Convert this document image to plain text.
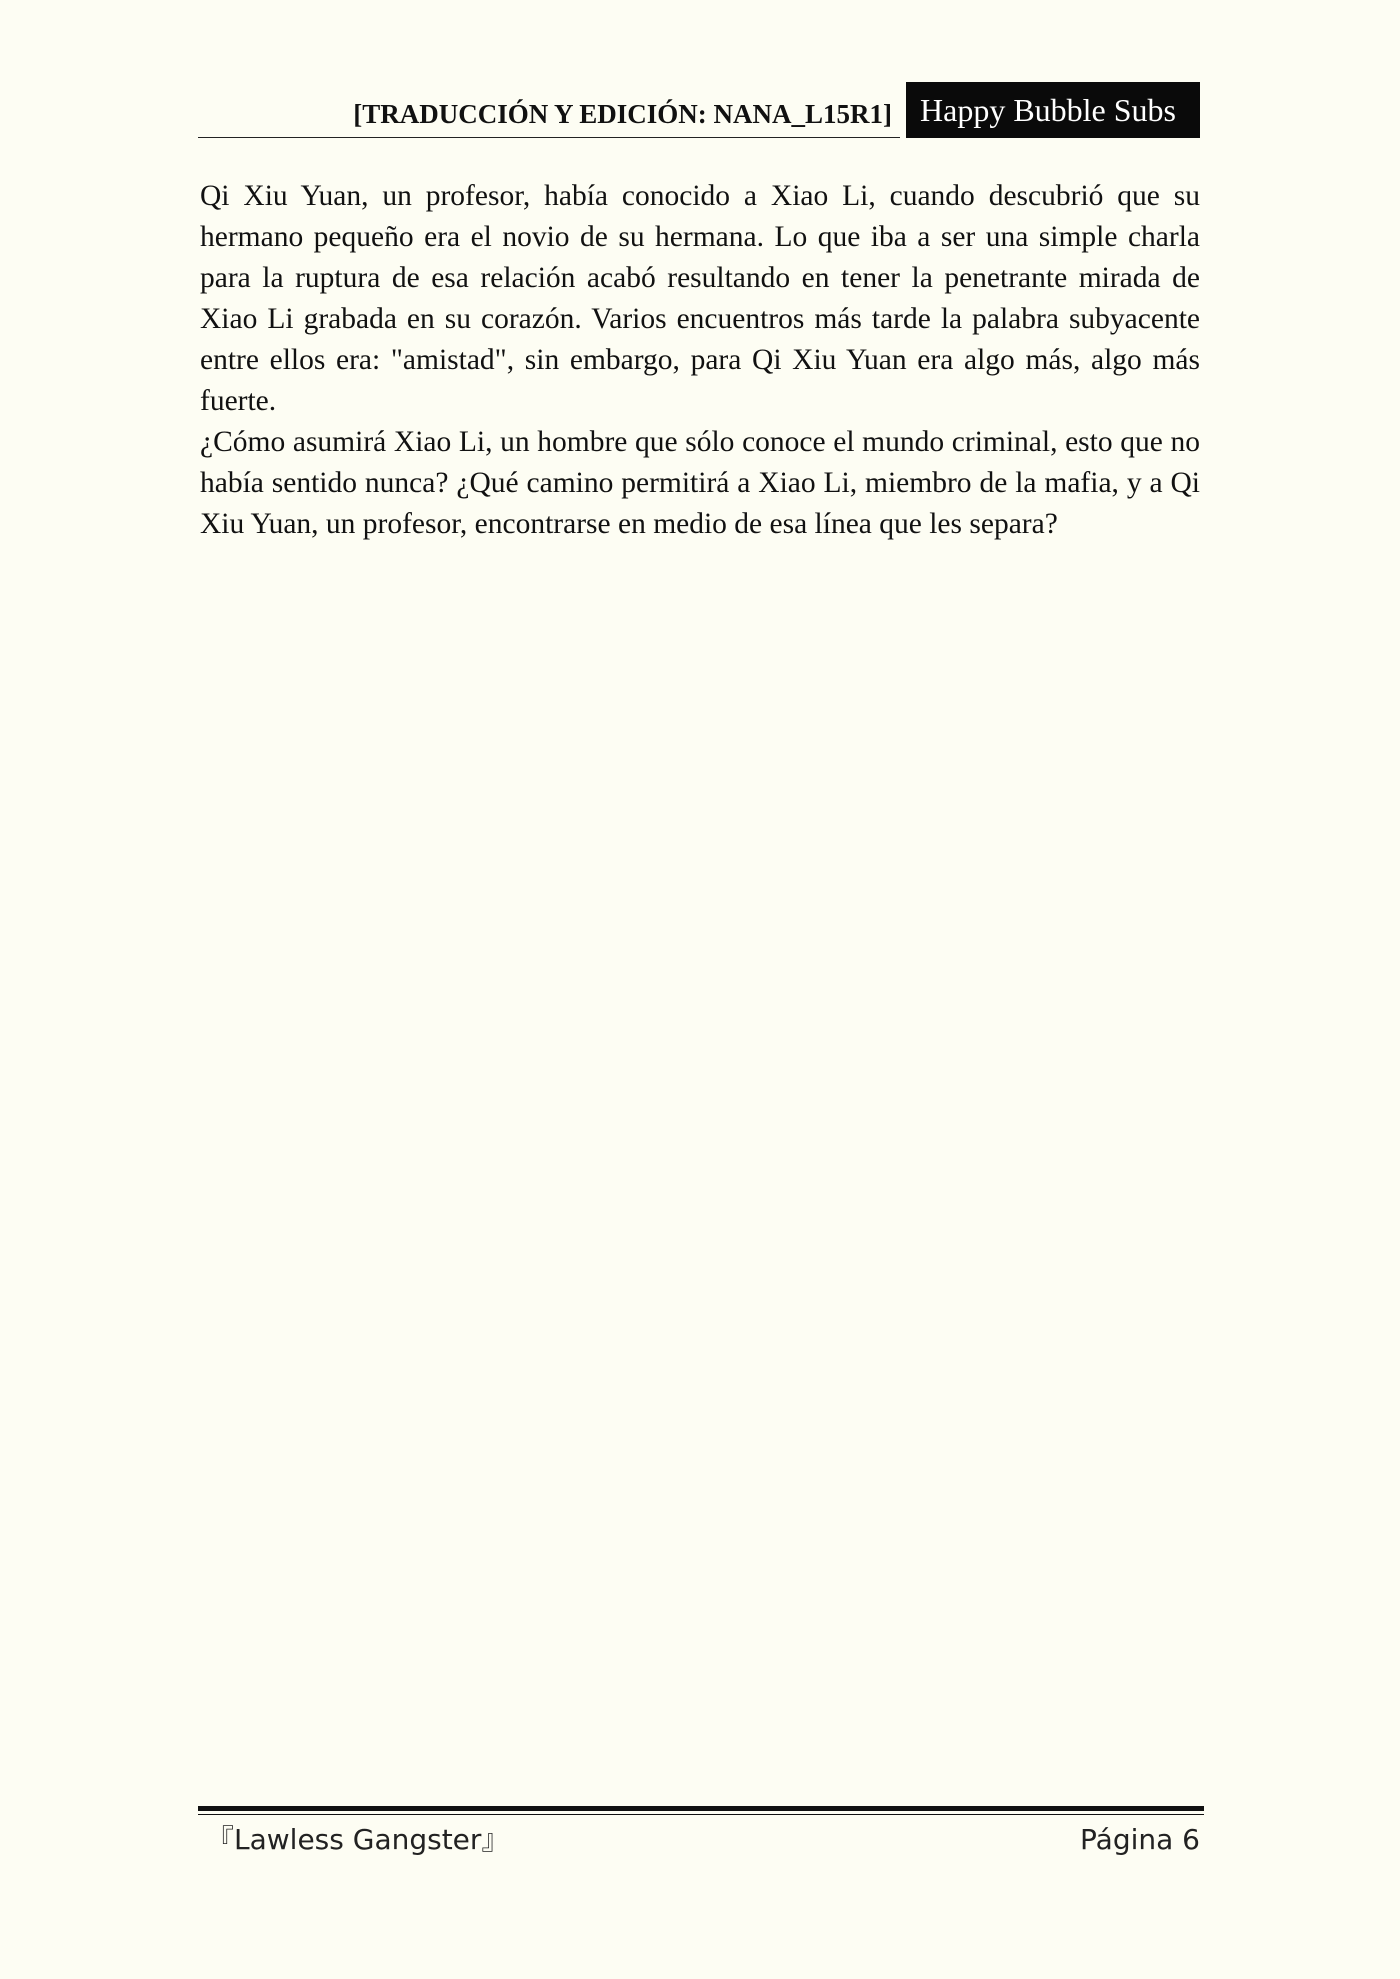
[TRADUCCIÓN Y EDICIÓN: NANA_L15R1] Happy Bubble Subs

Qi Xiu Yuan, un profesor, había conocido a Xiao Li, cuando descubrió que su hermano pequeño era el novio de su hermana. Lo que iba a ser una simple charla para la ruptura de esa relación acabó resultando en tener la penetrante mirada de Xiao Li grabada en su corazón. Varios encuentros más tarde la palabra subyacente entre ellos era: "amistad", sin embargo, para Qi Xiu Yuan era algo más, algo más fuerte.

¿Cómo asumirá Xiao Li, un hombre que sólo conoce el mundo criminal, esto que no había sentido nunca? ¿Qué camino permitirá a Xiao Li, miembro de la mafia, y a Qi Xiu Yuan, un profesor, encontrarse en medio de esa línea que les separa?

『Lawless Gangster』	Página 6
